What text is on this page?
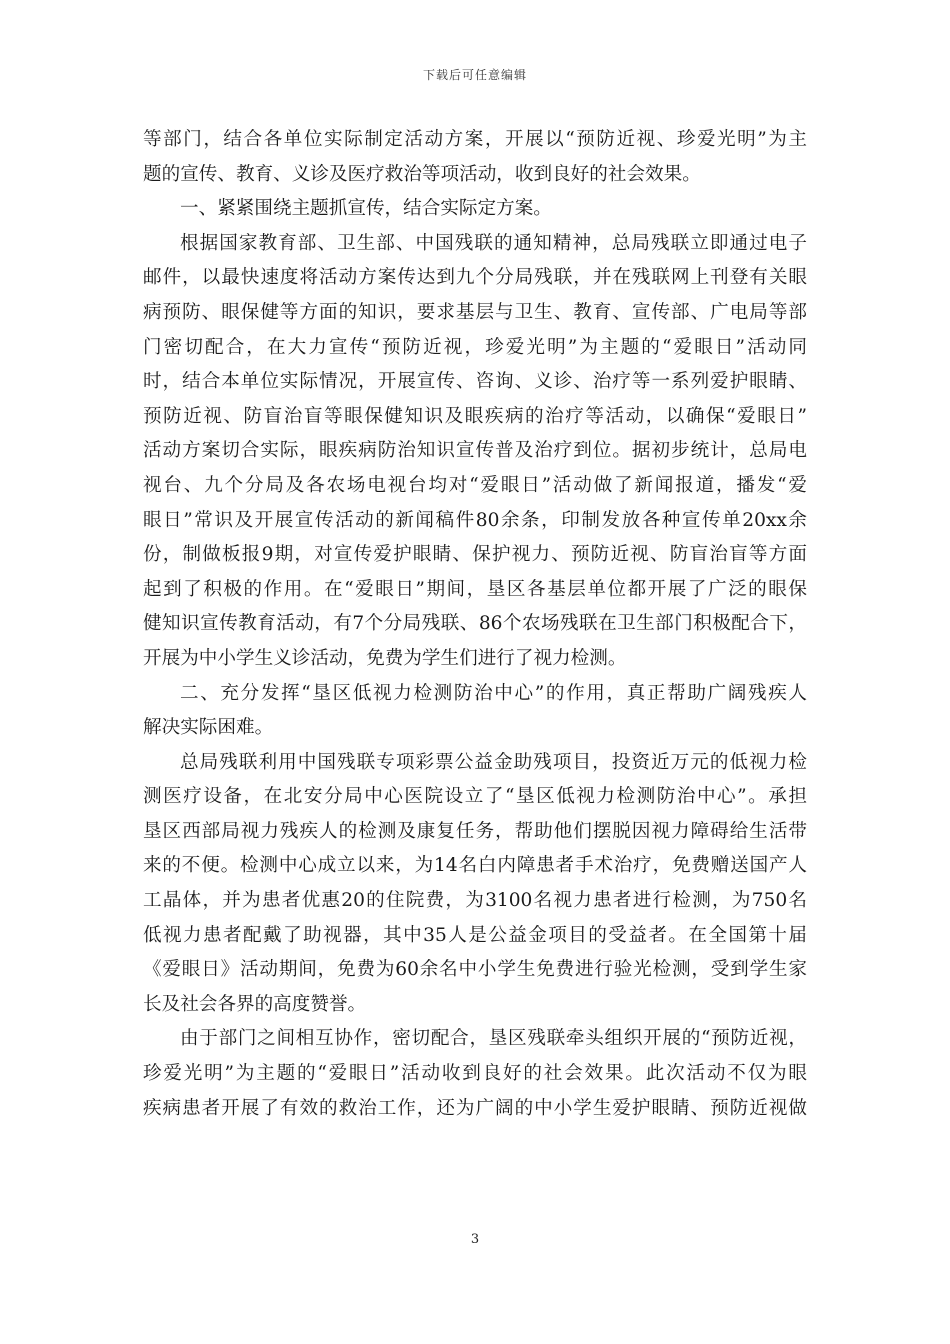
下载后可任意编辑
等部门，结合各单位实际制定活动方案，开展以“预防近视、珍爱光明”为主
题的宣传、教育、义诊及医疗救治等项活动，收到良好的社会效果。
一、紧紧围绕主题抓宣传，结合实际定方案。
根据国家教育部、卫生部、中国残联的通知精神，总局残联立即通过电子
邮件，以最快速度将活动方案传达到九个分局残联，并在残联网上刊登有关眼
病预防、眼保健等方面的知识，要求基层与卫生、教育、宣传部、广电局等部
门密切配合，在大力宣传“预防近视，珍爱光明”为主题的“爱眼日”活动同
时，结合本单位实际情况，开展宣传、咨询、义诊、治疗等一系列爱护眼睛、
预防近视、防盲治盲等眼保健知识及眼疾病的治疗等活动，以确保“爱眼日”
活动方案切合实际，眼疾病防治知识宣传普及治疗到位。据初步统计，总局电
视台、九个分局及各农场电视台均对“爱眼日”活动做了新闻报道，播发“爱
眼日”常识及开展宣传活动的新闻稿件80余条，印制发放各种宣传单20xx余
份，制做板报9期，对宣传爱护眼睛、保护视力、预防近视、防盲治盲等方面
起到了积极的作用。在“爱眼日”期间，垦区各基层单位都开展了广泛的眼保
健知识宣传教育活动，有7个分局残联、86个农场残联在卫生部门积极配合下，
开展为中小学生义诊活动，免费为学生们进行了视力检测。
二、充分发挥“垦区低视力检测防治中心”的作用，真正帮助广阔残疾人
解决实际困难。
总局残联利用中国残联专项彩票公益金助残项目，投资近万元的低视力检
测医疗设备，在北安分局中心医院设立了“垦区低视力检测防治中心”。承担
垦区西部局视力残疾人的检测及康复任务，帮助他们摆脱因视力障碍给生活带
来的不便。检测中心成立以来，为14名白内障患者手术治疗，免费赠送国产人
工晶体，并为患者优惠20的住院费，为3100名视力患者进行检测，为750名
低视力患者配戴了助视器，其中35人是公益金项目的受益者。在全国第十届
《爱眼日》活动期间，免费为60余名中小学生免费进行验光检测，受到学生家
长及社会各界的高度赞誉。
由于部门之间相互协作，密切配合，垦区残联牵头组织开展的“预防近视，
珍爱光明”为主题的“爱眼日”活动收到良好的社会效果。此次活动不仅为眼
疾病患者开展了有效的救治工作，还为广阔的中小学生爱护眼睛、预防近视做
3
